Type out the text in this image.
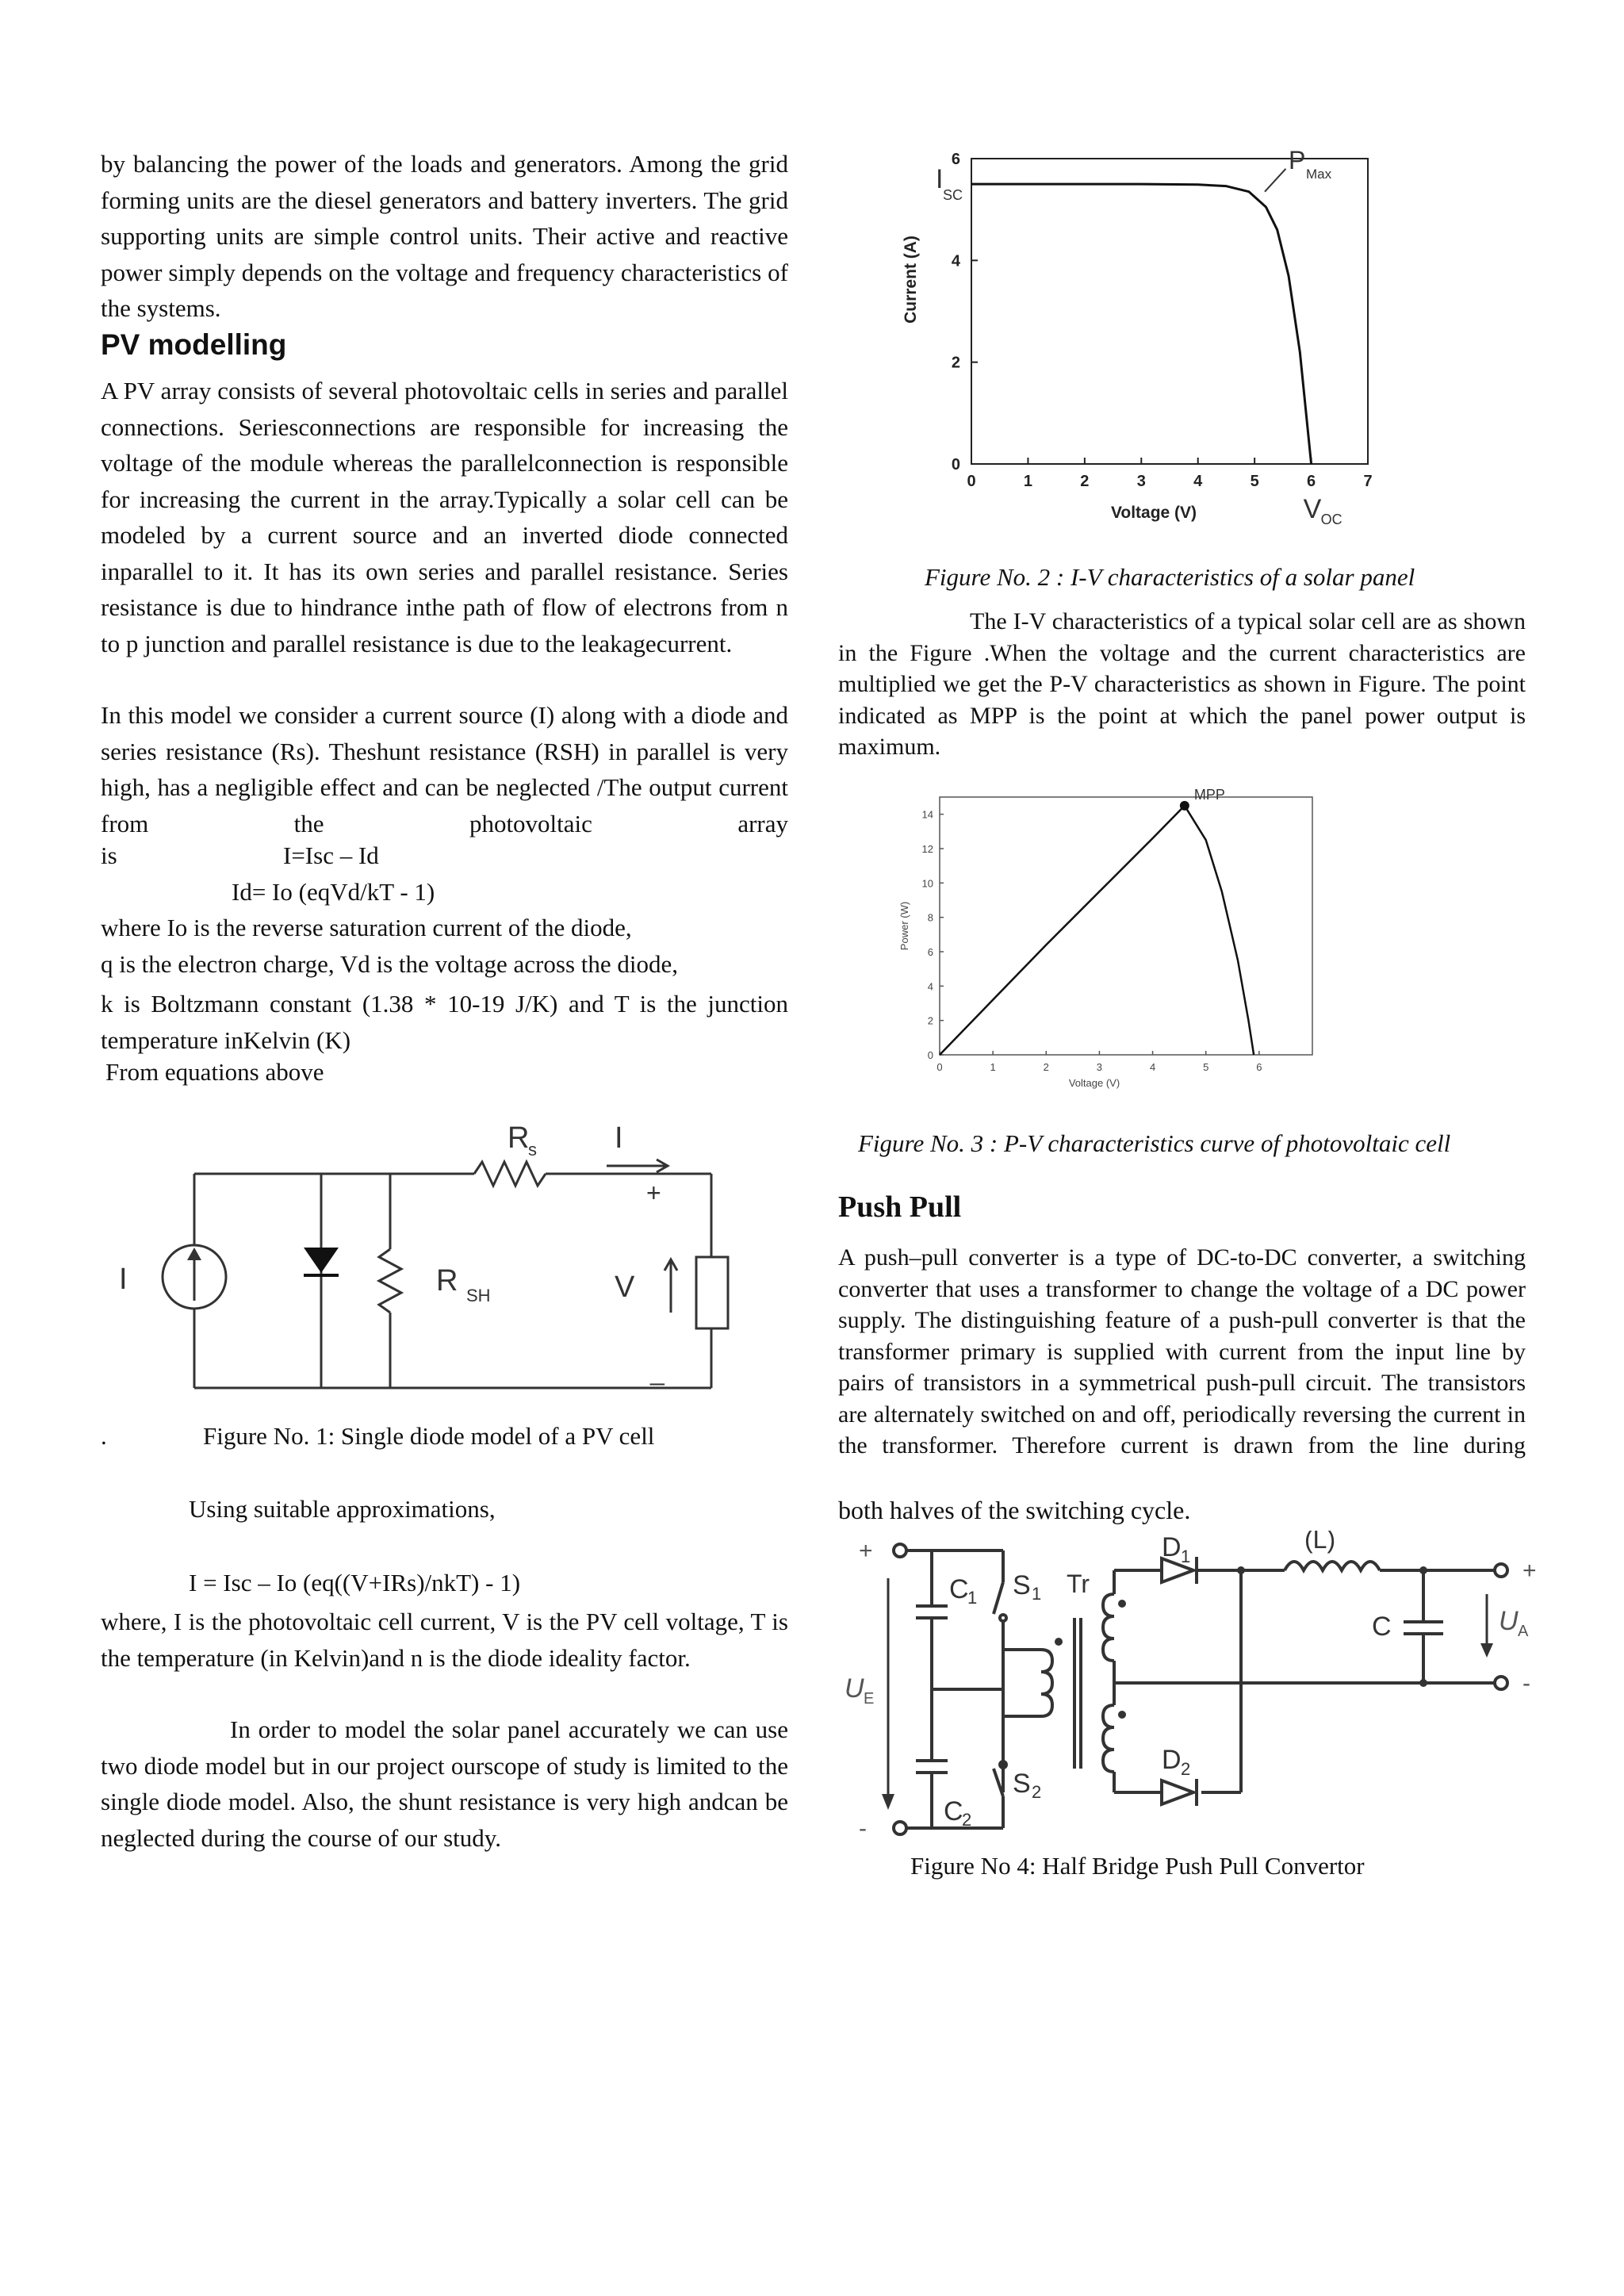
by balancing the power of the loads and generators. Among the grid forming units are the diesel generators and battery inverters. The grid supporting units are simple control units. Their active and reactive power simply depends on the voltage and frequency characteristics of the systems.

PV modelling

A PV array consists of several photovoltaic cells in series and parallel connections. Seriesconnections are responsible for increasing the voltage of the module whereas the parallelconnection is responsible for increasing the current in the array.Typically a solar cell can be modeled by a current source and an inverted diode connected inparallel to it. It has its own series and parallel resistance. Series resistance is due to hindrance inthe path of flow of electrons from n to p junction and parallel resistance is due to the leakagecurrent.

In this model we consider a current source (I) along with a diode and series resistance (Rs). Theshunt resistance (RSH) in parallel is very high, has a negligible effect and can be neglected /The output current from the photovoltaic array

is	I=Isc – Id
Id= Io (eqVd/kT - 1)
where Io is the reverse saturation current of the diode,
q is the electron charge, Vd is the voltage across the diode,

k is Boltzmann constant (1.38 * 10-19 J/K) and T is the junction temperature inKelvin (K)

From equations above
I
R
s	I
R SH	V
+
_
.	Figure No. 1: Single diode model of a PV cell
Using suitable approximations,
I = Isc – Io (eq((V+IRs)/nkT) - 1)

where, I is the photovoltaic cell current, V is the PV cell voltage, T is the temperature (in Kelvin)and n is the diode ideality factor.

In order to model the solar panel accurately we can use two diode model but in our project ourscope of study is limited to the single diode model. Also, the shunt resistance is very high andcan be neglected during the course of our study.

0	1	2	3	4	5	6	7
0
2
4
6
Voltage (V)
Current (A)
I
SC
P Max
V OC
Figure No. 2 : I-V characteristics of a solar panel

The I-V characteristics of a typical solar cell are as shown in the Figure .When the voltage and the current characteristics are multiplied we get the P-V characteristics as shown in Figure. The point indicated as MPP is the point at which the panel power output is maximum.

0	1	2	3	4	5	6
0
2
4
6
8
10
12
14
Voltage (V)
Power (W)
MPP
Figure No. 3 : P-V characteristics curve of photovoltaic cell
Push Pull

A push–pull converter is a type of DC-to-DC converter, a switching converter that uses a transformer to change the voltage of a DC power supply. The distinguishing feature of a push-pull converter is that the transformer primary is supplied with current from the input line by pairs of transistors in a symmetrical push-pull circuit. The transistors are alternately switched on and off, periodically reversing the current in the transformer. Therefore current is drawn from the line during

both halves of the switching cycle.
+
-
+
-
U E
U A
C
1
C
2
S 1
S 2
Tr
D 1
D 2
(L)
C
Figure No 4: Half Bridge Push Pull Convertor
